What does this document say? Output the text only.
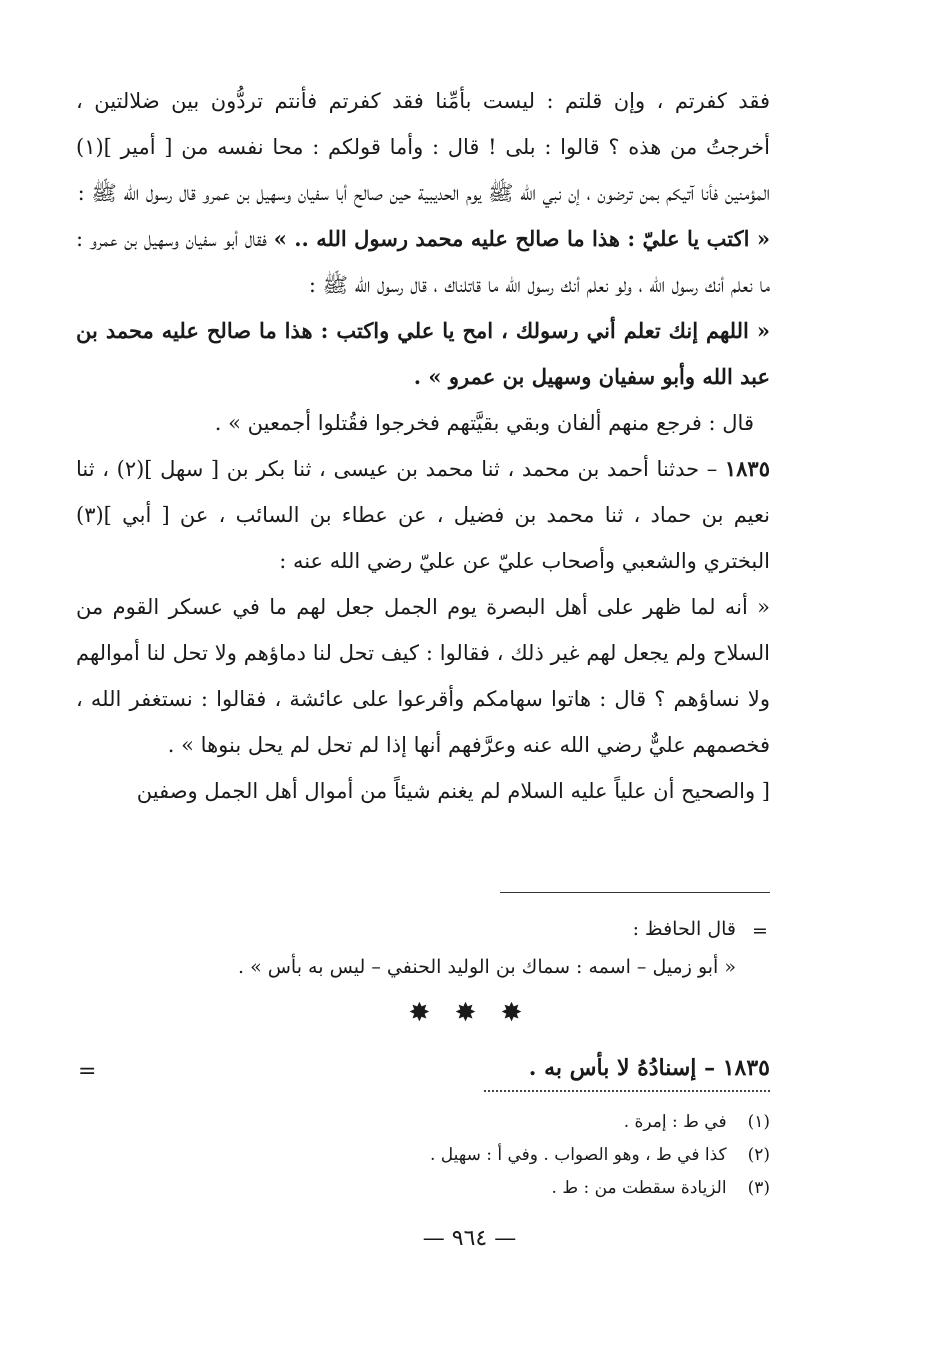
فقد كفرتم ، وإن قلتم : ليست بأمِّنا فقد كفرتم فأنتم تردُّون بين ضلالتين ، أخرجتُ من هذه ؟ قالوا : بلى ! قال : وأما قولكم : محا نفسه من [ أمير ](١) المؤمنين فأنا آتيكم بمن ترضون ، إن نبي الله ﷺ يوم الحديبية حين صالح أبا سفيان وسهيل بن عمرو قال رسول الله ﷺ :

« اكتب يا عليّ : هذا ما صالح عليه محمد رسول الله .. » فقال أبو سفيان وسهيل بن عمرو : ما نعلم أنك رسول الله ، ولو نعلم أنك رسول الله ما قاتلناك ، قال رسول الله ﷺ :

« اللهم إنك تعلم أني رسولك ، امح يا علي واكتب : هذا ما صالح عليه محمد بن عبد الله وأبو سفيان وسهيل بن عمرو » .

قال : فرجع منهم ألفان وبقي بقيَّتهم فخرجوا فقُتلوا أجمعين » .

١٨٣٥ – حدثنا أحمد بن محمد ، ثنا محمد بن عيسى ، ثنا بكر بن [ سهل ](٢) ، ثنا نعيم بن حماد ، ثنا محمد بن فضيل ، عن عطاء بن السائب ، عن [ أبي ](٣) البختري والشعبي وأصحاب عليّ عن عليّ رضي الله عنه :

« أنه لما ظهر على أهل البصرة يوم الجمل جعل لهم ما في عسكر القوم من السلاح ولم يجعل لهم غير ذلك ، فقالوا : كيف تحل لنا دماؤهم ولا تحل لنا أموالهم ولا نساؤهم ؟ قال : هاتوا سهامكم وأقرعوا على عائشة ، فقالوا : نستغفر الله ، فخصمهم عليٌّ رضي الله عنه وعرَّفهم أنها إذا لم تحل لم يحل بنوها » .

[ والصحيح أن علياً عليه السلام لم يغنم شيئاً من أموال أهل الجمل وصفين

=

قال الحافظ :

« أبو زميل – اسمه : سماك بن الوليد الحنفي – ليس به بأس » .

✸ ✸ ✸
١٨٣٥ – إسنادُهُ لا بأس به .
=

(١) في ط : إمرة .

(٢) كذا في ط ، وهو الصواب . وفي أ : سهيل .

(٣) الزيادة سقطت من : ط .

— ٩٦٤ —
